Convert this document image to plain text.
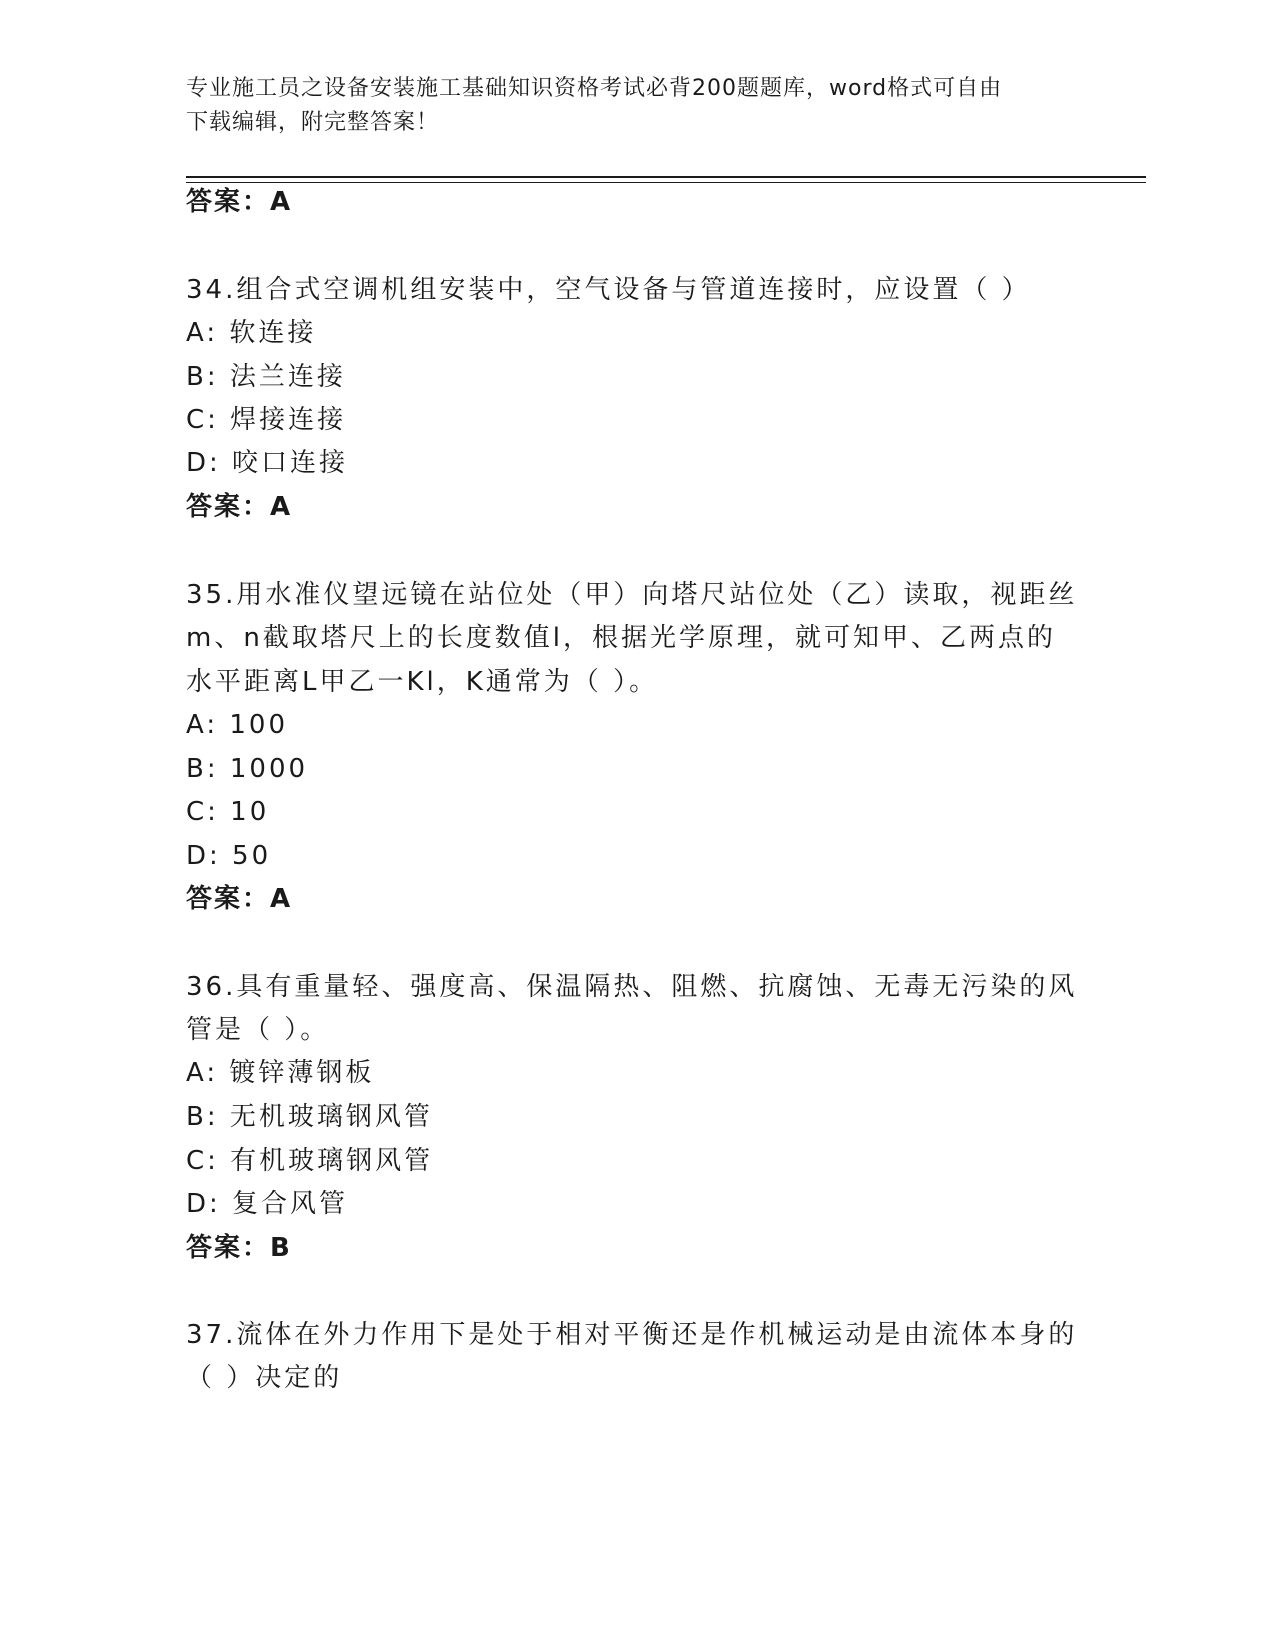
专业施工员之设备安装施工基础知识资格考试必背200题题库，word格式可自由
下载编辑，附完整答案！
答案：A
34.组合式空调机组安装中，空气设备与管道连接时，应设置（ ）
A: 软连接
B: 法兰连接
C: 焊接连接
D: 咬口连接
答案：A
35.用水准仪望远镜在站位处（甲）向塔尺站位处（乙）读取，视距丝
m、n截取塔尺上的长度数值l，根据光学原理，就可知甲、乙两点的
水平距离L甲乙一Kl，K通常为（ ）。
A: 100
B: 1000
C: 10
D: 50
答案：A
36.具有重量轻、强度高、保温隔热、阻燃、抗腐蚀、无毒无污染的风
管是（ ）。
A: 镀锌薄钢板
B: 无机玻璃钢风管
C: 有机玻璃钢风管
D: 复合风管
答案：B
37.流体在外力作用下是处于相对平衡还是作机械运动是由流体本身的
（ ）决定的
